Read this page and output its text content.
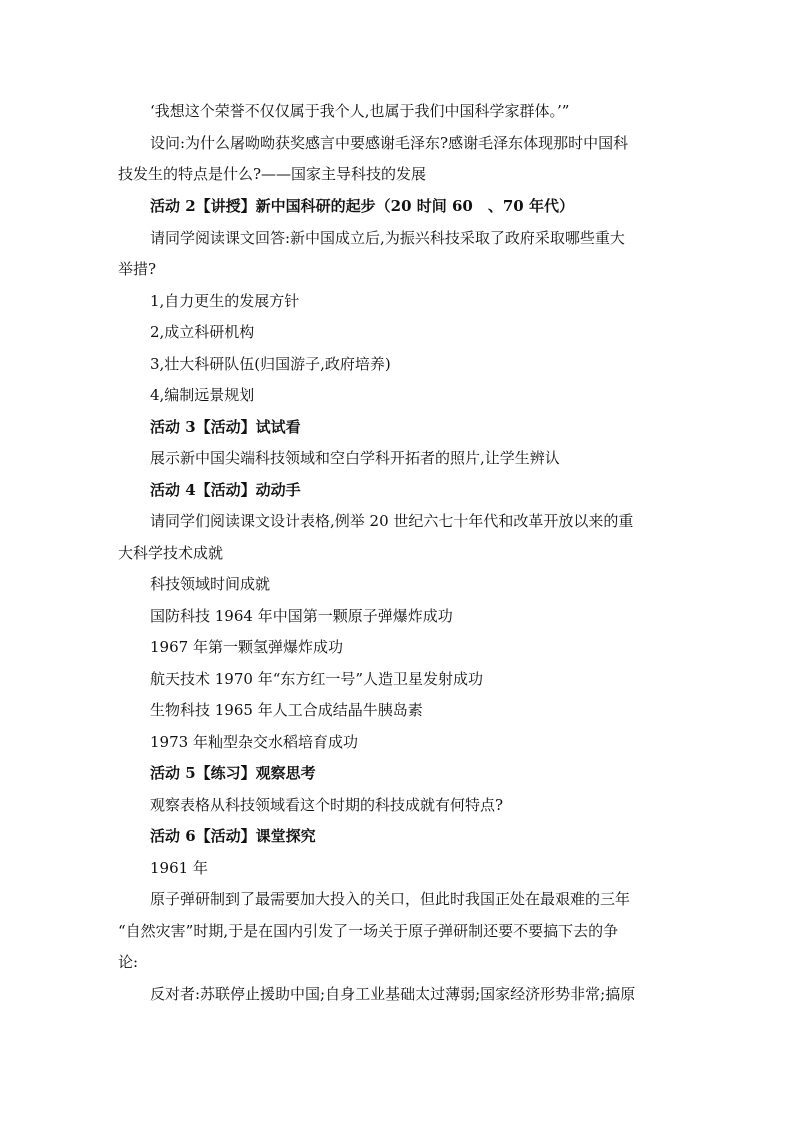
‘我想这个荣誉不仅仅属于我个人,也属于我们中国科学家群体。’”
设问:为什么屠呦呦获奖感言中要感谢毛泽东?感谢毛泽东体现那时中国科
技发生的特点是什么?——国家主导科技的发展
活动 2【讲授】新中国科研的起步（20 时间 60　、70 年代）
请同学阅读课文回答:新中国成立后,为振兴科技采取了政府采取哪些重大
举措?
1,自力更生的发展方针
2,成立科研机构
3,壮大科研队伍(归国游子,政府培养)
4,编制远景规划
活动 3【活动】试试看
展示新中国尖端科技领域和空白学科开拓者的照片,让学生辨认
活动 4【活动】动动手
请同学们阅读课文设计表格,例举 20 世纪六七十年代和改革开放以来的重
大科学技术成就
科技领域时间成就
国防科技 1964 年中国第一颗原子弹爆炸成功
1967 年第一颗氢弹爆炸成功
航天技术 1970 年“东方红一号”人造卫星发射成功
生物科技 1965 年人工合成结晶牛胰岛素
1973 年籼型杂交水稻培育成功
活动 5【练习】观察思考
观察表格从科技领域看这个时期的科技成就有何特点?
活动 6【活动】课堂探究
1961 年
原子弹研制到了最需要加大投入的关口，但此时我国正处在最艰难的三年
“自然灾害”时期,于是在国内引发了一场关于原子弹研制还要不要搞下去的争
论:
反对者:苏联停止援助中国;自身工业基础太过薄弱;国家经济形势非常;搞原
